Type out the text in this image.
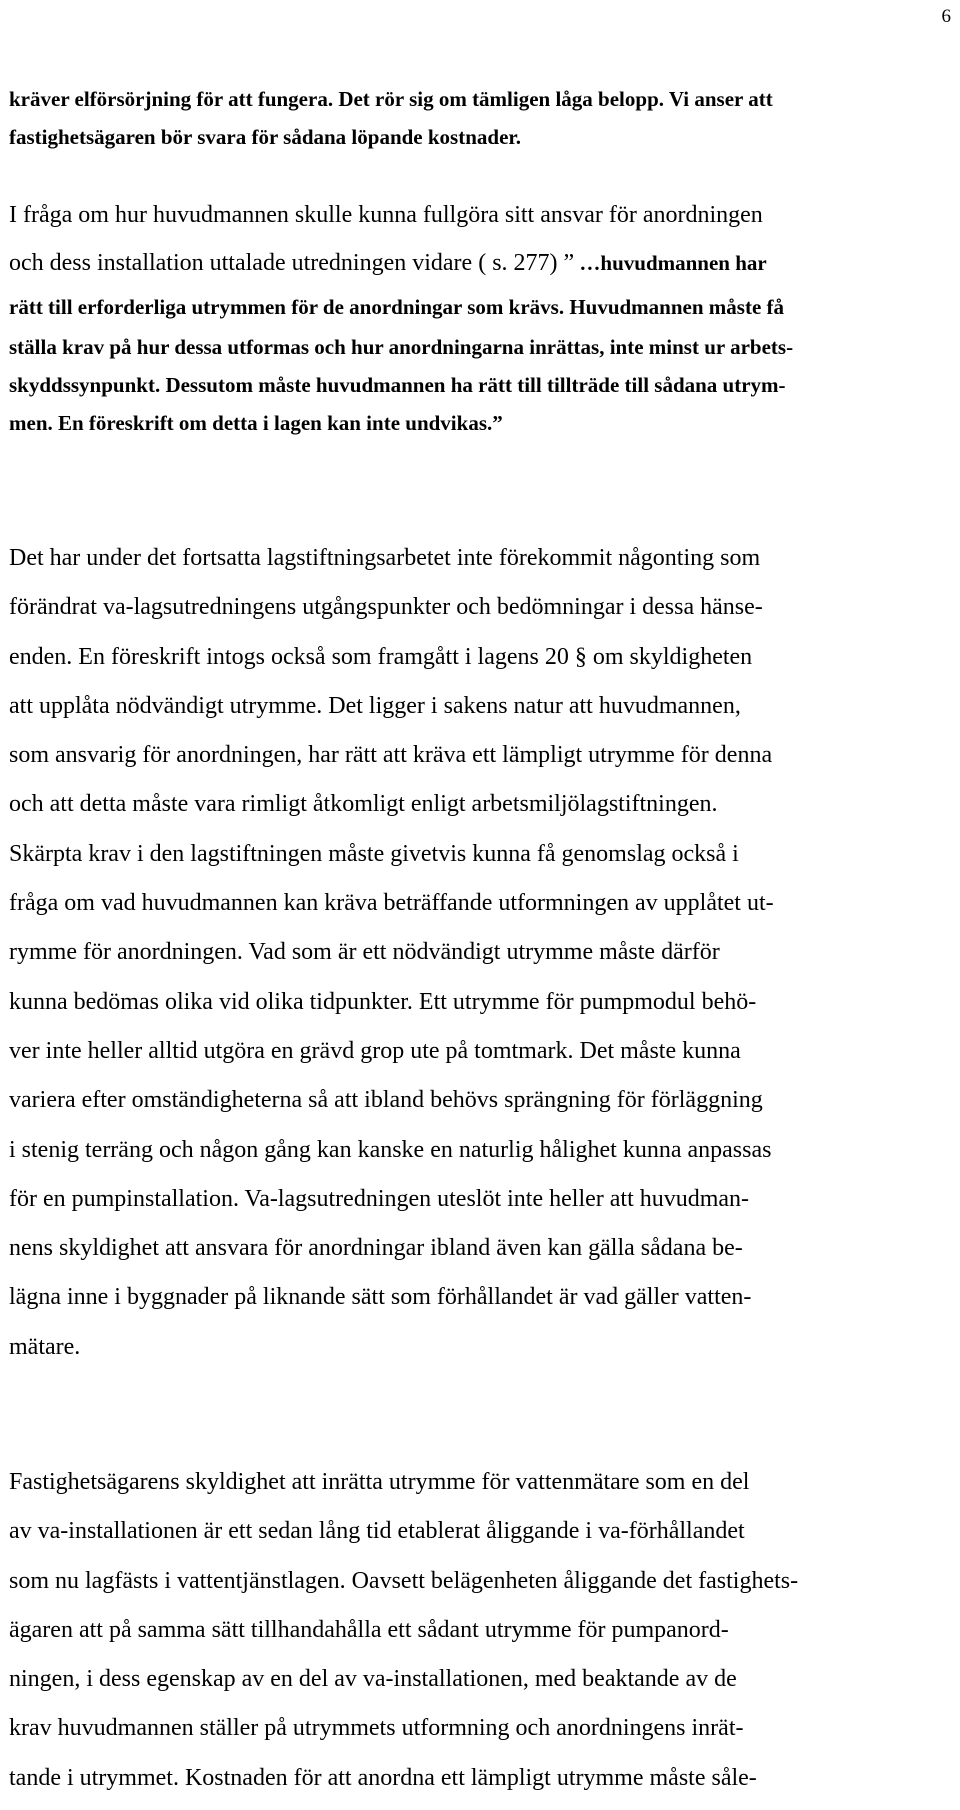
6
kräver elförsörjning för att fungera. Det rör sig om tämligen låga belopp. Vi anser att
fastighetsägaren bör svara för sådana löpande kostnader.
I fråga om hur huvudmannen skulle kunna fullgöra sitt ansvar för anordningen
och dess installation uttalade utredningen vidare ( s. 277) ” …huvudmannen har
rätt till erforderliga utrymmen för de anordningar som krävs. Huvudmannen måste få
ställa krav på hur dessa utformas och hur anordningarna inrättas, inte minst ur arbets-
skyddssynpunkt. Dessutom måste huvudmannen ha rätt till tillträde till sådana utrym-
men. En föreskrift om detta i lagen kan inte undvikas.”
Det har under det fortsatta lagstiftningsarbetet inte förekommit någonting som
förändrat va-lagsutredningens utgångspunkter och bedömningar i dessa hänse-
enden. En föreskrift intogs också som framgått i lagens 20 § om skyldigheten
att upplåta nödvändigt utrymme. Det ligger i sakens natur att huvudmannen,
som ansvarig för anordningen, har rätt att kräva ett lämpligt utrymme för denna
och att detta måste vara rimligt åtkomligt enligt arbetsmiljölagstiftningen.
Skärpta krav i den lagstiftningen måste givetvis kunna få genomslag också i
fråga om vad huvudmannen kan kräva beträffande utformningen av upplåtet ut-
rymme för anordningen. Vad som är ett nödvändigt utrymme måste därför
kunna bedömas olika vid olika tidpunkter. Ett utrymme för pumpmodul behö-
ver inte heller alltid utgöra en grävd grop ute på tomtmark. Det måste kunna
variera efter omständigheterna så att ibland behövs sprängning för förläggning
i stenig terräng och någon gång kan kanske en naturlig hålighet kunna anpassas
för en pumpinstallation. Va-lagsutredningen uteslöt inte heller att huvudman-
nens skyldighet att ansvara för anordningar ibland även kan gälla sådana be-
lägna inne i byggnader på liknande sätt som förhållandet är vad gäller vatten-
mätare.
Fastighetsägarens skyldighet att inrätta utrymme för vattenmätare som en del
av va-installationen är ett sedan lång tid etablerat åliggande i va-förhållandet
som nu lagfästs i vattentjänstlagen. Oavsett belägenheten åliggande det fastighets-
ägaren att på samma sätt tillhandahålla ett sådant utrymme för pumpanord-
ningen, i dess egenskap av en del av va-installationen, med beaktande av de
krav huvudmannen ställer på utrymmets utformning och anordningens inrät-
tande i utrymmet. Kostnaden för att anordna ett lämpligt utrymme måste såle-
